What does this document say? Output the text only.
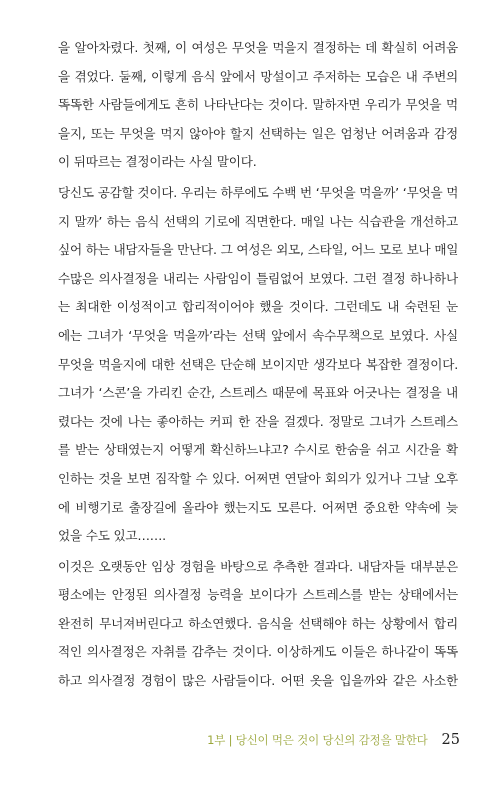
을 알아차렸다. 첫째, 이 여성은 무엇을 먹을지 결정하는 데 확실히 어려움
을 겪었다. 둘째, 이렇게 음식 앞에서 망설이고 주저하는 모습은 내 주변의
똑똑한 사람들에게도 흔히 나타난다는 것이다. 말하자면 우리가 무엇을 먹
을지, 또는 무엇을 먹지 않아야 할지 선택하는 일은 엄청난 어려움과 감정
이 뒤따르는 결정이라는 사실 말이다.
당신도 공감할 것이다. 우리는 하루에도 수백 번 ‘무엇을 먹을까’ ‘무엇을 먹
지 말까’ 하는 음식 선택의 기로에 직면한다. 매일 나는 식습관을 개선하고
싶어 하는 내담자들을 만난다. 그 여성은 외모, 스타일, 어느 모로 보나 매일
수많은 의사결정을 내리는 사람임이 틀림없어 보였다. 그런 결정 하나하나
는 최대한 이성적이고 합리적이어야 했을 것이다. 그런데도 내 숙련된 눈
에는 그녀가 ‘무엇을 먹을까’라는 선택 앞에서 속수무책으로 보였다. 사실
무엇을 먹을지에 대한 선택은 단순해 보이지만 생각보다 복잡한 결정이다.
그녀가 ‘스콘’을 가리킨 순간, 스트레스 때문에 목표와 어긋나는 결정을 내
렸다는 것에 나는 좋아하는 커피 한 잔을 걸겠다. 정말로 그녀가 스트레스
를 받는 상태였는지 어떻게 확신하느냐고? 수시로 한숨을 쉬고 시간을 확
인하는 것을 보면 짐작할 수 있다. 어쩌면 연달아 회의가 있거나 그날 오후
에 비행기로 출장길에 올라야 했는지도 모른다. 어쩌면 중요한 약속에 늦
었을 수도 있고…….
이것은 오랫동안 임상 경험을 바탕으로 추측한 결과다. 내담자들 대부분은
평소에는 안정된 의사결정 능력을 보이다가 스트레스를 받는 상태에서는
완전히 무너져버린다고 하소연했다. 음식을 선택해야 하는 상황에서 합리
적인 의사결정은 자취를 감추는 것이다. 이상하게도 이들은 하나같이 똑똑
하고 의사결정 경험이 많은 사람들이다. 어떤 옷을 입을까와 같은 사소한
1부 | 당신이 먹은 것이 당신의 감정을 말한다 25
